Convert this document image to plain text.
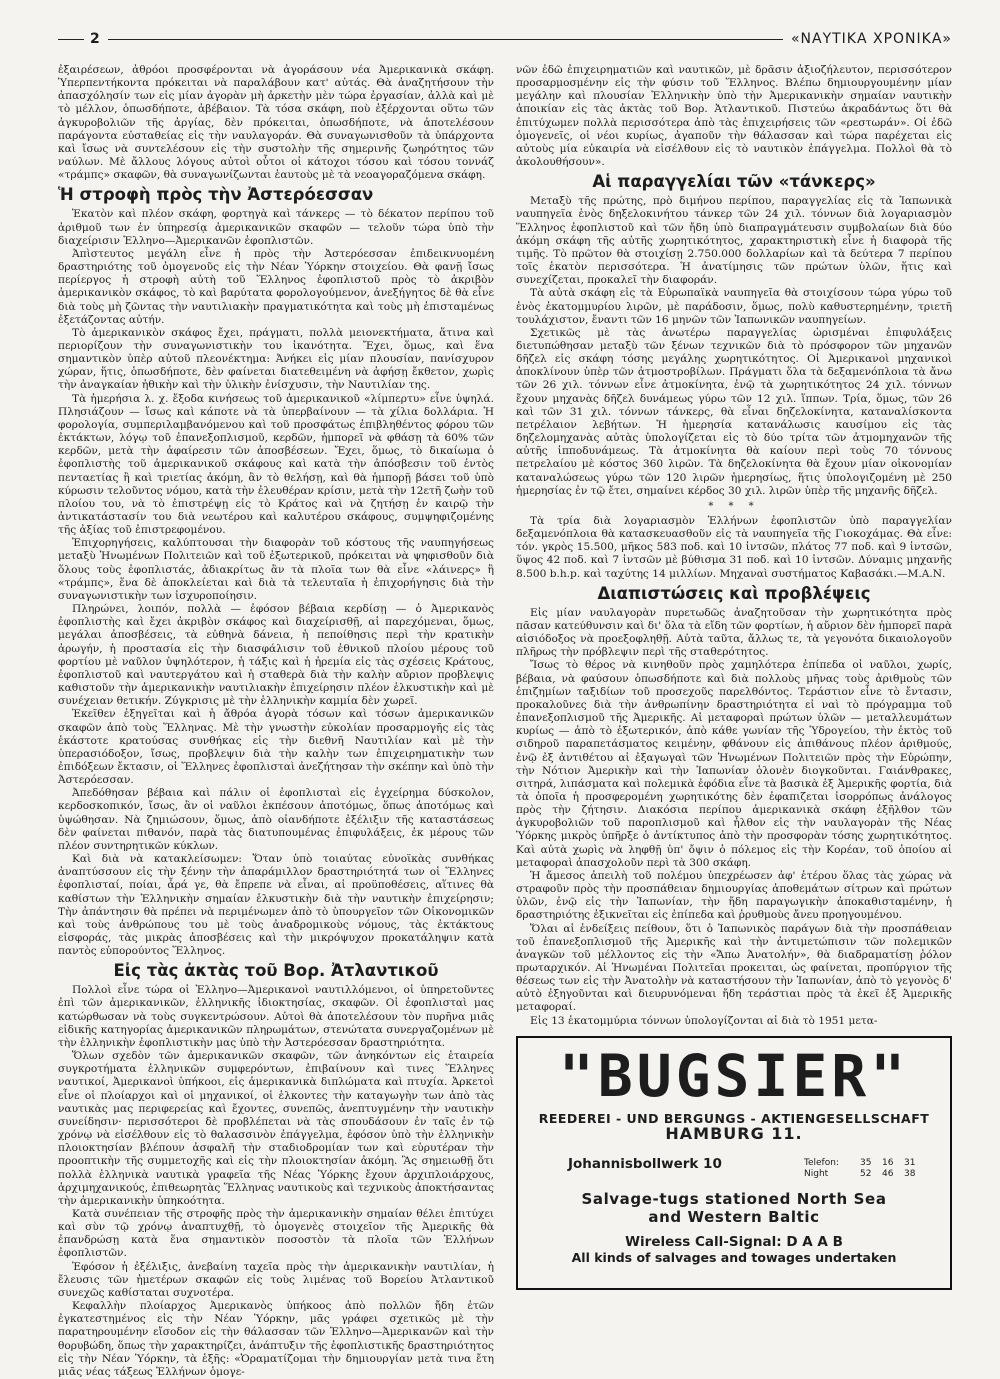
2	«ΝΑΥΤΙΚΑ ΧΡΟΝΙΚΑ»

ἐξαιρέσεων, ἀθρόοι προσφέρονται νὰ ἀγοράσουν νέα Ἀμερικανικὰ σκάφη. Ὑπερπεντήκοντα πρόκειται νὰ παραλάβουν κατ' αὐτάς. Θὰ ἀναζητήσουν τὴν ἀπασχόλησίν των εἰς μίαν ἀγορὰν μὴ ἀρκετὴν μὲν τώρα ἐργασίαν, ἀλλὰ καὶ μὲ τὸ μέλλον, ὁπωσδήποτε, ἀβέβαιον. Τὰ τόσα σκάφη, ποὺ ἐξέρχονται οὕτω τῶν ἀγκυροβολιῶν τῆς ἀργίας, δὲν πρόκειται, ὁπωσδήποτε, νὰ ἀποτελέσουν παράγοντα εὐσταθείας εἰς τὴν ναυλαγοράν. Θὰ συναγωνισθοῦν τὰ ὑπάρχοντα καὶ ἴσως νὰ συντελέσουν εἰς τὴν συστολὴν τῆς σημερινῆς ζωηρότητος τῶν ναύλων. Μὲ ἄλλους λόγους αὐτοὶ οὗτοι οἱ κάτοχοι τόσου καὶ τόσου τοννάζ «τράμπς» σκαφῶν, θὰ συναγωνίζωνται ἑαυτοὺς μὲ τὰ νεοαγοραζόμενα σκάφη.

Ἡ στροφὴ πρὸς τὴν Ἀστερόεσσαν

Ἑκατὸν καὶ πλέον σκάφη, φορτηγὰ καὶ τάνκερς — τὸ δέκατον περίπου τοῦ ἀριθμοῦ των ἐν ὑπηρεσίᾳ ἀμερικανικῶν σκαφῶν — τελοῦν τώρα ὑπὸ τὴν διαχείρισιν Ἑλληνο—Ἀμερικανῶν ἐφοπλιστῶν.

Ἀπὶστευτος μεγάλη εἶνε ἡ πρὸς τὴν Ἀστερόεσσαν ἐπιδεικνυομένη δραστηριότης τοῦ ὁμογενοῦς εἰς τὴν Νέαν Ὑόρκην στοιχείου. Θὰ φανῇ ἴσως περίεργος ἡ στροφὴ αὐτὴ τοῦ Ἕλληνος ἐφοπλιστοῦ πρὸς τὸ ἀκριβὸν ἀμερικανικὸν σκάφος, τὸ καὶ βαρύτατα φορολογούμενον, ἀνεξήγητος δὲ θὰ εἶνε διὰ τοὺς μὴ ζῶντας τὴν ναυτιλιακὴν πραγματικότητα καὶ τοὺς μὴ ἐπισταμένως ἐξετάζοντας αὐτήν.

Τὸ ἀμερικανικὸν σκάφος ἔχει, πράγματι, πολλὰ μειονεκτήματα, ἅτινα καὶ περιορίζουν τὴν συναγωνιστικὴν του ἱκανότητα. Ἔχει, ὅμως, καὶ ἕνα σημαντικὸν ὑπὲρ αὐτοῦ πλεονέκτημα: Ἀνήκει εἰς μίαν πλουσίαν, πανίσχυρον χώραν, ἥτις, ὁπωσδήποτε, δὲν φαίνεται διατεθειμένη νὰ ἀφήσῃ ἔκθετον, χωρὶς τὴν ἀναγκαίαν ἠθικὴν καὶ τὴν ὑλικὴν ἐνίσχυσιν, τὴν Ναυτιλίαν της.

Τὰ ἡμερήσια λ. χ. ἔξοδα κινήσεως τοῦ ἀμερικανικοῦ «λίμπερτυ» εἶνε ὑψηλά. Πλησιάζουν — ἴσως καὶ κάποτε νὰ τὰ ὑπερβαίνουν — τὰ χίλια δολλάρια. Ἡ φορολογία, συμπεριλαμβανόμενου καὶ τοῦ προσφάτως ἐπιβληθέντος φόρου τῶν ἐκτάκτων, λόγῳ τοῦ ἐπανεξοπλισμοῦ, κερδῶν, ἠμπορεῖ νὰ φθάσῃ τὰ 60% τῶν κερδῶν, μετὰ τὴν ἀφαίρεσιν τῶν ἀποσβέσεων. Ἔχει, ὅμως, τὸ δικαίωμα ὁ ἐφοπλιστὴς τοῦ ἀμερικανικοῦ σκάφους καὶ κατὰ τὴν ἀπόσβεσιν τοῦ ἐντὸς πενταετίας ἢ καὶ τριετίας ἀκόμη, ἂν τὸ θελήσῃ, καὶ θὰ ἠμπορῇ βάσει τοῦ ὑπὸ κύρωσιν τελοῦντος νόμου, κατὰ τὴν ἐλευθέραν κρίσιν, μετὰ τὴν 12ετῆ ζωὴν τοῦ πλοίου του, νὰ τὸ ἐπιστρέψῃ εἰς τὸ Κράτος καὶ νὰ ζητήσῃ ἐν καιρῷ τὴν ἀντικατάστασίν του διὰ νεωτέρου καὶ καλυτέρου σκάφους, συμψηφιζομένης τῆς ἀξίας τοῦ ἐπιστρεφομένου.

Ἐπιχορηγήσεις, καλύπτουσαι τὴν διαφορὰν τοῦ κόστους τῆς ναυπηγήσεως μεταξὺ Ἡνωμένων Πολιτειῶν καὶ τοῦ ἐξωτερικοῦ, πρόκειται νὰ ψηφισθοῦν διὰ ὅλους τοὺς ἐφοπλιστάς, ἀδιακρίτως ἂν τὰ πλοῖα των θὰ εἶνε «λάινερς» ἢ «τράμπς», ἕνα δὲ ἀποκλείεται καὶ διὰ τὰ τελευταῖα ἡ ἐπιχορήγησις διὰ τὴν συναγωνιστικὴν των ἰσχυροποίησιν.

Πληρώνει, λοιπόν, πολλὰ — ἐφόσον βέβαια κερδίσῃ — ὁ Ἀμερικανὸς ἐφοπλιστὴς καὶ ἔχει ἀκριβὸν σκάφος καὶ διαχείρισθῇ, αἱ παρεχόμεναι, ὅμως, μεγάλαι ἀποσβέσεις, τὰ εὐθηνὰ δάνεια, ἡ πεποίθησις περὶ τὴν κρατικὴν ἀρωγήν, ἡ προστασία εἰς τὴν διασφάλισιν τοῦ ἐθνικοῦ πλοίου μέρους τοῦ φορτίου μὲ ναῦλον ὑψηλότερον, ἡ τάξις καὶ ἡ ἠρεμία εἰς τὰς σχέσεις Κράτους, ἐφοπλιστοῦ καὶ ναυτεργάτου καὶ ἡ σταθερὰ διὰ τὴν καλὴν αὔριον προβλεψις καθιστοῦν τὴν ἀμερικανικὴν ναυτιλιακὴν ἐπιχείρησιν πλέον ἑλκυστικὴν καὶ μὲ συνέχειαν θετικήν. Ζύγκρισις μὲ τὴν ἑλληνικὴν καμμία δὲν χωρεῖ.

Ἐκεῖθεν ἐξηγεῖται καὶ ἡ ἄθρόα ἀγορὰ τόσων καὶ τόσων ἀμερικανικῶν σκαφῶν ἀπὸ τοὺς Ἕλληνας. Μὲ τὴν γνωστὴν εὐκολίαν προσαρμογῆς εἰς τὰς ἑκάστοτε κρατούσας συνθήκας εἰς τὴν διεθνῆ Ναυτιλίαν καὶ μὲ τὴν ὑπερασιόδοξον, ἴσως, προβλεψιν διὰ τὴν καλὴν των ἐπιχειρηματικὴν των ἐπιδόξεων ἔκτασιν, οἱ Ἕλληνες ἐφοπλισταὶ ἀνεζήτησαν τὴν σκέπην καὶ ὑπὸ τὴν Ἀστερόεσσαν.

Ἀπεδόθησαν βέβαια καὶ πάλιν οἱ ἐφοπλισταὶ εἰς ἐγχείρημα δύσκολον, κερδοσκοπικόν, ἴσως, ἂν οἱ ναῦλοι ἐκπέσουν ἀποτόμως, ὅπως ἀποτόμως καὶ ὑψώθησαν. Νὰ ζημιώσουν, ὅμως, ἀπὸ οἰανδήποτε ἐξέλιξιν τῆς καταστάσεως δὲν φαίνεται πιθανόν, παρὰ τὰς διατυπουμένας ἐπιφυλάξεις, ἐκ μέρους τῶν πλέον συντηρητικῶν κύκλων.

Καὶ διὰ νὰ κατακλείσωμεν: Ὅταν ὑπὸ τοιαύτας εὐνοϊκὰς συνθήκας ἀναπτύσσουν εἰς τὴν ξένην τὴν ἀπαράμιλλον δραστηριότητά των οἱ Ἕλληνες ἐφοπλισταί, ποίαι, ἆρά γε, θὰ ἔπρεπε νὰ εἶναι, αἱ προϋποθέσεις, αἵτινες θὰ καθίστων τὴν Ἑλληνικὴν σημαίαν ἑλκυστικὴν διὰ τὴν ναυτικὴν ἐπιχείρησιν; Τὴν ἀπάντησιν θὰ πρέπει νὰ περιμένωμεν ἀπὸ τὸ ὑπουργεῖον τῶν Οἰκονομικῶν καὶ τοὺς ἀνθρώπους του μὲ τοὺς ἀναδρομικοὺς νόμους, τὰς ἐκτάκτους εἰσφοράς, τὰς μικρὰς ἀποσβέσεις καὶ τὴν μικρόψυχον προκατάληψιν κατὰ παντὸς εὐπορούντος Ἕλληνος.

Εἰς τὰς ἀκτὰς τοῦ Βορ. Ἀτλαντικοῦ

Πολλοὶ εἶνε τώρα οἱ Ἑλληνο—Ἀμερικανοὶ ναυτιλλόμενοι, οἱ ὑπηρετοῦντες ἐπὶ τῶν ἀμερικανικῶν, ἑλληνικῆς ἰδιοκτησίας, σκαφῶν. Οἱ ἐφοπλισταὶ μας κατώρθωσαν νὰ τοὺς συγκεντρώσουν. Αὐτοὶ θὰ ἀποτελέσουν τὸν πυρῆνα μιᾶς εἰδικῆς κατηγορίας ἀμερικανικῶν πληρωμάτων, στενώτατα συνεργαζομένων μὲ τὴν ἑλληνικὴν ἐφοπλιστικὴν μας ὑπὸ τὴν Ἀστερόεσσαν δραστηριότητα.

Ὅλων σχεδὸν τῶν ἀμερικανικῶν σκαφῶν, τῶν ἀνηκόντων εἰς ἑταιρεία συγκροτήματα ἑλληνικῶν συμφερόντων, ἐπιβαίνουν καὶ τινες Ἕλληνες ναυτικοί, Ἀμερικανοὶ ὑπήκοοι, εἰς ἀμερικανικὰ διπλώματα καὶ πτυχία. Ἀρκετοὶ εἶνε οἱ πλοίαρχοι καὶ οἱ μηχανικοί, οἱ ἑλκοντες τὴν καταγωγὴν των ἀπὸ τὰς ναυτικὰς μας περιφερείας καὶ ἔχοντες, συνεπῶς, ἀνεπτυγμένην τὴν ναυτικὴν συνείδησιν· περισσότεροι δὲ προβλέπεται νὰ τὰς σπουδάσουν ἐν ταῖς ἐν τῷ χρόνῳ νὰ εἰσέλθουν εἰς τὸ θαλασσινὸν ἐπάγγελμα, ἐφόσον ὑπὸ τὴν ἑλληνικὴν πλοιοκτησίαν βλέπουν ἀσφαλῆ τὴν σταδιοδρομίαν των καὶ εὑρυτέραν τὴν προοπτικὴν τῆς συμμετοχῆς καὶ εἰς τὴν πλοιοκτησίαν ἀκόμη. Ἂς σημειωθῇ ὅτι πολλὰ ἑλληνικὰ ναυτικὰ γραφεῖα τῆς Νέας Ὑόρκης ἔχουν ἀρχιπλοιάρχους, ἀρχιμηχανικούς, ἐπιθεωρητὰς Ἕλληνας ναυτικοὺς καὶ τεχνικοὺς ἀποκτήσαντας τὴν ἀμερικανικὴν ὑπηκοότητα.

Κατὰ συνέπειαν τῆς στροφῆς πρὸς τὴν ἀμερικανικὴν σημαίαν θέλει ἐπιτύχει καὶ σὺν τῷ χρόνῳ ἀναπτυχθῇ, τὸ ὁμογενὲς στοιχεῖον τῆς Ἀμερικῆς θὰ ἐπανδρώσῃ κατὰ ἕνα σημαντικὸν ποσοστὸν τὰ πλοῖα τῶν Ἑλλήνων ἐφοπλιστῶν.

Ἐφόσον ἡ ἐξέλιξις, ἀνεβαίνη ταχεῖα πρὸς τὴν ἀμερικανικὴν ναυτιλίαν, ἡ ἔλευσις τῶν ἡμετέρων σκαφῶν εἰς τοὺς λιμένας τοῦ Βορείου Ἀτλαντικοῦ συνεχῶς καθίσταται συχνοτέρα.

Κεφαλλὴν πλοίαρχος Ἀμερικανὸς ὑπήκοος ἀπὸ πολλῶν ἤδη ἐτῶν ἐγκατεστημένος εἰς τὴν Νέαν Ὑόρκην, μᾶς γράφει σχετικῶς μὲ τὴν παρατηρουμένην εἴσοδον εἰς τὴν θάλασσαν τῶν Ἑλληνο—Ἀμερικανῶν καὶ τὴν θορυβώδη, ὅπως τὴν χαρακτηρίζει, ἀνάπτυξιν τῆς ἐφοπλιστικῆς δραστηριότητος εἰς τὴν Νέαν Ὑόρκην, τὰ ἑξῆς: «Ὁραματίζομαι τὴν δημιουργίαν μετὰ τινα ἔτη μιᾶς νέας τάξεως Ἑλλήνων ὁμογε-

νῶν ἐδῶ ἐπιχειρηματιῶν καὶ ναυτικῶν, μὲ δρᾶσιν ἀξιοζήλευτον, περισσότερον προσαρμοσμένην εἰς τὴν φύσιν τοῦ Ἕλληνος. Βλέπω δημιουργουμένην μίαν μεγάλην καὶ πλουσίαν Ἑλληνικὴν ὑπὸ τὴν Ἀμερικανικὴν σημαίαν ναυτικὴν ἀποικίαν εἰς τὰς ἀκτὰς τοῦ Βορ. Ἀτλαντικοῦ. Πιστεύω ἀκραδάντως ὅτι θὰ ἐπιτύχωμεν πολλὰ περισσότερα ἀπὸ τὰς ἐπιχειρήσεις τῶν «ρεστωράν». Οἱ ἐδῶ ὁμογενεῖς, οἱ νέοι κυρίως, ἀγαποῦν τὴν θάλασσαν καὶ τώρα παρέχεται εἰς αὐτοὺς μία εὐκαιρία νὰ εἰσέλθουν εἰς τὸ ναυτικὸν ἐπάγγελμα. Πολλοὶ θὰ τὸ ἀκολουθήσουν».

Αἱ παραγγελίαι τῶν «τάνκερς»

Μεταξὺ τῆς πρώτης, πρὸ διμήνου περίπου, παραγγελίας εἰς τὰ Ἰαπωνικὰ ναυπηγεῖα ἑνὸς δηξελοκινήτου τάνκερ τῶν 24 χιλ. τόννων διὰ λογαριασμὸν Ἕλληνος ἐφοπλιστοῦ καὶ τῶν ἤδη ὑπὸ διαπραγμάτευσιν συμβολαίων διὰ δύο ἀκόμη σκάφη τῆς αὐτῆς χωρητικότητος, χαρακτηριστικὴ εἶνε ἡ διαφορὰ τῆς τιμῆς. Τὸ πρῶτον θὰ στοιχίσῃ 2.750.000 δολλαρίων καὶ τὰ δεύτερα 7 περίπου τοῖς ἑκατὸν περισσότερα. Ἡ ἀνατίμησις τῶν πρώτων ὑλῶν, ἥτις καὶ συνεχίζεται, προκαλεῖ τὴν διαφοράν.

Τὰ αὐτὰ σκάφη εἰς τὰ Εὐρωπαϊκὰ ναυπηγεῖα θὰ στοιχίσουν τώρα γύρω τοῦ ἑνὸς ἑκατομμυρίου λιρῶν, μὲ παράδοσιν, ὅμως, πολὺ καθυστερημένην, τριετῆ τουλάχιστον, ἔναντι τῶν 16 μηνῶν τῶν Ἰαπωνικῶν ναυπηγείων.

Σχετικῶς μὲ τὰς ἀνωτέρω παραγγελίας ὡρισμέναι ἐπιφυλάξεις διετυπώθησαν μεταξὺ τῶν ξένων τεχνικῶν διὰ τὸ πρόσφορον τῶν μηχανῶν δῆζελ εἰς σκάφη τόσης μεγάλης χωρητικότητος. Οἱ Ἀμερικανοὶ μηχανικοὶ ἀποκλίνουν ὑπὲρ τῶν ἀτμοστροβίλων. Πράγματι ὅλα τὰ δεξαμενόπλοια τὰ ἄνω τῶν 26 χιλ. τόννων εἶνε ἀτμοκίνητα, ἐνῷ τὰ χωρητικότητος 24 χιλ. τόννων ἔχουν μηχανὰς δῆζελ δυνάμεως γύρω τῶν 12 χιλ. ἵππων. Τρία, ὅμως, τῶν 26 καὶ τῶν 31 χιλ. τόννων τάνκερς, θὰ εἶναι δηζελοκίνητα, καταναλίσκοντα πετρέλαιον λεβήτων. Ἡ ἡμερησία κατανάλωσις καυσίμου εἰς τὰς δηζελομηχανὰς αὐτὰς ὑπολογίζεται εἰς τὸ δύο τρίτα τῶν ἀτμομηχανῶν τῆς αὐτῆς ἱπποδυνάμεως. Τὰ ἀτμοκίνητα θὰ καίουν περὶ τοὺς 70 τόννους πετρελαίου μὲ κόστος 360 λιρῶν. Τὰ δηζελοκίνητα θὰ ἔχουν μίαν οἰκονομίαν καταναλώσεως γύρω τῶν 120 λιρῶν ἡμερησίως, ἥτις ὑπολογιζομένη μὲ 250 ἡμερησίας ἐν τῷ ἔτει, σημαίνει κέρδος 30 χιλ. λιρῶν ὑπὲρ τῆς μηχανῆς δῆζελ.

* * *

Τὰ τρία διὰ λογαριασμὸν Ἑλλήνων ἐφοπλιστῶν ὑπὸ παραγγελίαν δεξαμενόπλοια θὰ κατασκευασθοῦν εἰς τὰ ναυπηγεῖα τῆς Γιοκοχάμας. Θὰ εἶνε: τόν. γκρὸς 15.500, μῆκος 583 ποδ. καὶ 10 ἰντσῶν, πλάτος 77 ποδ. καὶ 9 ἰντσῶν, ὕψος 42 ποδ. καὶ 7 ἰντσῶν μὲ βύθισμα 31 ποδ. καὶ 10 ἰντσῶν. Δύναμις μηχανῆς 8.500 b.h.p. καὶ ταχύτης 14 μιλλίων. Μηχαναὶ συστήματος Καβασάκι.—Μ.Α.Ν.

Διαπιστώσεις καὶ προβλέψεις

Εἰς μίαν ναυλαγορὰν πυρετωδῶς ἀναζητοῦσαν τὴν χωρητικότητα πρὸς πᾶσαν κατεύθυνσιν καὶ δι' ὅλα τὰ εἴδη τῶν φορτίων, ἡ αὔριον δὲν ἠμπορεῖ παρὰ αἰσιόδοξος νὰ προεξοφληθῇ. Αὐτὰ ταῦτα, ἄλλως τε, τὰ γεγονότα δικαιολογοῦν πλῆρως τὴν πρόβλεψιν περὶ τῆς σταθερότητος.

Ἴσως τὸ θέρος νὰ κινηθοῦν πρὸς χαμηλότερα ἐπίπεδα οἱ ναῦλοι, χωρίς, βέβαια, νὰ φαύσουν ὁπωσδήποτε καὶ διὰ πολλοὺς μῆνας τοὺς ἀριθμοὺς τῶν ἐπιζημίων ταξιδίων τοῦ προσεχοῦς παρελθόντος. Τεράστιον εἶνε τὸ ἔντασιν, προκαλοῦνες διὰ τὴν ἀνθρωπίνην δραστηριότητα εἰ ναὶ τὸ πρόγραμμα τοῦ ἐπανεξοπλισμοῦ τῆς Ἀμερικῆς. Αἱ μεταφοραὶ πρώτων ὑλῶν — μεταλλευμάτων κυρίως — ἀπὸ τὸ ἐξωτερικόν, ἀπὸ κάθε γωνίαν τῆς Ὑδρογείου, τὴν ἐκτὸς τοῦ σιδηροῦ παραπετάσματος κειμένην, φθάνουν εἰς ἀπιθάνους πλέον ἀριθμούς, ἐνῷ ἐξ ἀντιθέτου αἱ ἐξαγωγαὶ τῶν Ἡνωμένων Πολιτειῶν πρὸς τὴν Εὐρώπην, τὴν Νότιον Ἀμερικὴν καὶ τὴν Ἰαπωνίαν ὁλονὲν διογκοῦνται. Γαιάνθρακες, σιτηρά, λιπάσματα καὶ πολεμικὰ ἐφόδια εἶνε τὰ βασικὰ ἐξ Ἀμερικῆς φορτία, διὰ τὰ ὁποῖα ἡ προσφερομένη χωρητικότης δὲν ἐφαπιζεται ἰσορρόπως ἀνάλογος πρὸς τὴν ζήτησιν. Διακόσια περίπου ἀμερικανικὰ σκάφη ἐξῆλθον τῶν ἀγκυροβολιῶν τοῦ παροπλισμοῦ καὶ ἦλθον εἰς τὴν ναυλαγορὰν τῆς Νέας Ὑόρκης μικρὸς ὑπῆρξε ὁ ἀντίκτυπος ἀπὸ τὴν προσφορὰν τόσης χωρητικότητος. Καὶ αὐτὰ χωρὶς νὰ ληφθῇ ὑπ' ὄψιν ὁ πόλεμος εἰς τὴν Κορέαν, τοῦ ὁποίου αἱ μεταφοραὶ ἀπασχολοῦν περὶ τὰ 300 σκάφη.

Ἡ ἄμεσος ἀπειλὴ τοῦ πολέμου ὑπεχρέωσεν ἀφ' ἑτέρου ὅλας τὰς χώρας νὰ στραφοῦν πρὸς τὴν προσπάθειαν δημιουργίας ἀποθεμάτων σίτρων καὶ πρώτων ὑλῶν, ἐνῷ εἰς τὴν Ἰαπωνίαν, τὴν ἤδη παραγωγικὴν ἀποκαθισταμένην, ἡ δραστηριότης ἐξικνεῖται εἰς ἐπίπεδα καὶ ῥρυθμοὺς ἄνευ προηγουμένου.

Ὅλαι αἱ ἐνδείξεις πείθουν, ὅτι ὁ Ἰαπωνικὸς παράγων διὰ τὴν προσπάθειαν τοῦ ἐπανεξοπλισμοῦ τῆς Ἀμερικῆς καὶ τὴν ἀντιμετώπισιν τῶν πολεμικῶν ἀναγκῶν τοῦ μέλλοντος εἰς τὴν «Ἄπω Ἀνατολήν», θὰ διαδραματίσῃ ῥόλον πρωταρχικόν. Αἱ Ἡνωμέναι Πολιτεῖαι προκειται, ὡς φαίνεται, προπύργιον τῆς θέσεως των εἰς τὴν Ἀνατολὴν νὰ καταστήσουν τὴν Ἰαπωνίαν, ἀπὸ τὸ γεγονὸς δ' αὐτὸ ἐξηγοῦνται καὶ διευρυνόμεναι ἤδη τεράστιαι πρὸς τὰ ἐκεῖ ἐξ Ἀμερικῆς μεταφοραί.

Εἰς 13 ἑκατομμύρια τόννων ὑπολογίζονται αἱ διὰ τὸ 1951 μετα-

"BUGSIER"
REEDEREI - UND BERGUNGS - AKTIENGESELLSCHAFT
HAMBURG 11.
Johannisbollwerk 10	Telefon:	35	16	31
Night	52	46	38
Salvage-tugs stationed North Sea
and Western Baltic
Wireless Call-Signal: D A A B
All kinds of salvages and towages undertaken
